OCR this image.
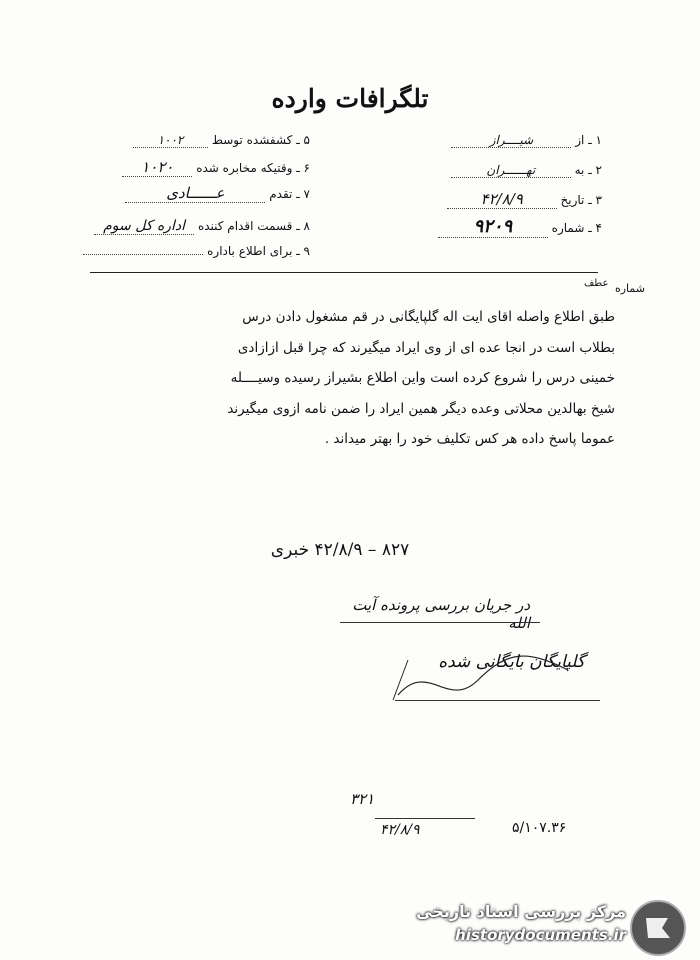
تلگرافات وارده
۱ ـ از شیــــراز
۲ ـ به تهــــــران
۳ ـ تاریخ ۴۲/۸/۹
۴ ـ شماره ۹۲۰۹
۵ ـ کشفشده توسط ۱۰۰۲
۶ ـ وقتیکه مخابره شده ۱۰۲۰
۷ ـ تقدم عــــــادی
۸ ـ قسمت اقدام کننده اداره کل سوم
۹ ـ برای اطلاع باداره
شماره عطف

طبق اطلاع واصله اقای ایت اله گلپایگانی در قم مشغول دادن درس

بطلاب است در انجا عده ای از وی ایراد میگیرند که چرا قبل ازازادی

خمینی درس را شروع کرده است واین اطلاع بشیراز رسیده وسیــــله

شیخ بهالدین محلاتی وعده دیگر همین ایراد را ضمن نامه ازوی میگیرند

عموما پاسخ داده هر کس تکلیف خود را بهتر میداند .

۸۲۷ – ۴۲/۸/۹ خبری
در جریان بررسی پرونده آیت الله
گلپایگان بایگانی شده
۳۲۱
۴۲/۸/۹	۵/۱۰۷.۳۶
مرکز بررسی اسناد تاریخی
historydocuments.ir
